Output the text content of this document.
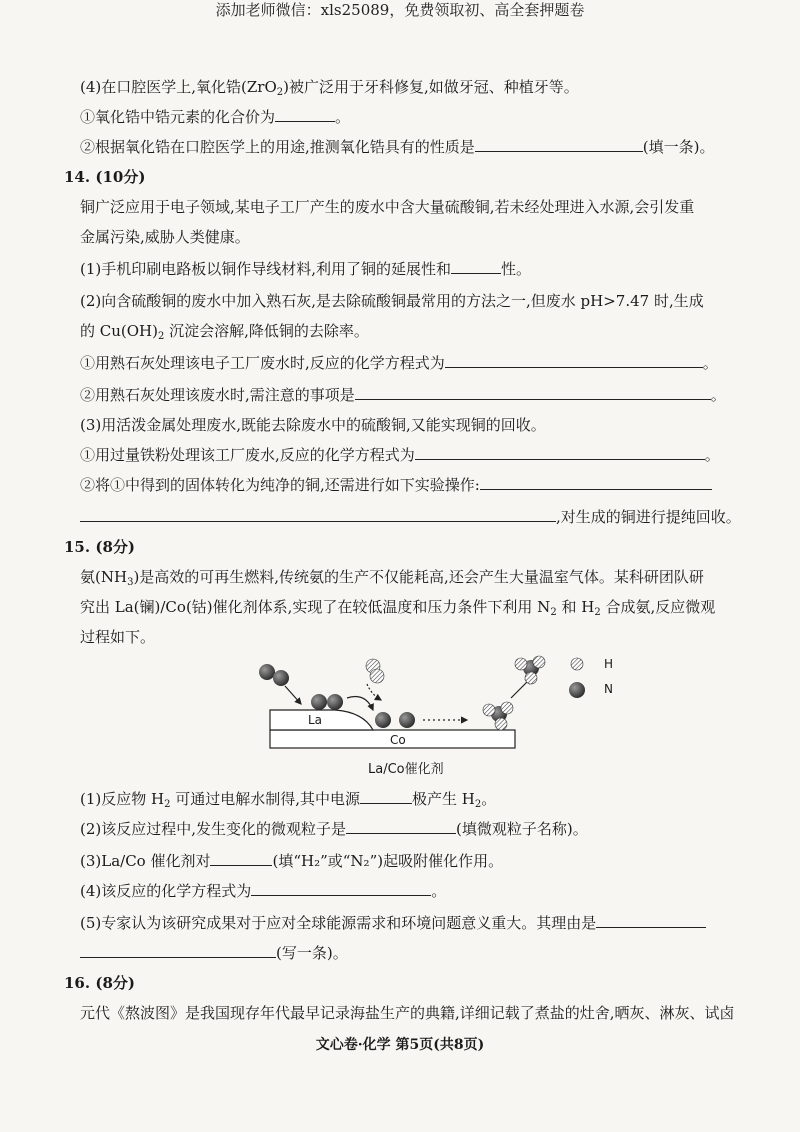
添加老师微信：xls25089，免费领取初、高全套押题卷
(4)在口腔医学上,氧化锆(ZrO$_2$)被广泛用于牙科修复,如做牙冠、种植牙等。
①氧化锆中锆元素的化合价为	。
②根据氧化锆在口腔医学上的用途,推测氧化锆具有的性质是	(填一条)。
14. (10分)
铜广泛应用于电子领域,某电子工厂产生的废水中含大量硫酸铜,若未经处理进入水源,会引发重
金属污染,威胁人类健康。
(1)手机印刷电路板以铜作导线材料,利用了铜的延展性和	性。
(2)向含硫酸铜的废水中加入熟石灰,是去除硫酸铜最常用的方法之一,但废水 pH>7.47 时,生成
的 $Cu(OH)_2$ 沉淀会溶解,降低铜的去除率。
①用熟石灰处理该电子工厂废水时,反应的化学方程式为	。
②用熟石灰处理该废水时,需注意的事项是	。
(3)用活泼金属处理废水,既能去除废水中的硫酸铜,又能实现铜的回收。
①用过量铁粉处理该工厂废水,反应的化学方程式为	。
②将①中得到的固体转化为纯净的铜,还需进行如下实验操作:
,对生成的铜进行提纯回收。
15. (8分)
氨$(NH_3)$是高效的可再生燃料,传统氨的生产不仅能耗高,还会产生大量温室气体。某科研团队研
究出 La(镧)/Co(钴)催化剂体系,实现了在较低温度和压力条件下利用 $N_2$ 和 $H_2$ 合成氨,反应微观
过程如下。
La
Co
H
N
La/Co催化剂
(1)反应物 $H_2$ 可通过电解水制得,其中电源	极产生 $H_2$。
(2)该反应过程中,发生变化的微观粒子是	(填微观粒子名称)。
(3)La/Co 催化剂对	(填“H₂”或“N₂”)起吸附催化作用。
(4)该反应的化学方程式为	。
(5)专家认为该研究成果对于应对全球能源需求和环境问题意义重大。其理由是
(写一条)。
16. (8分)
元代《熬波图》是我国现存年代最早记录海盐生产的典籍,详细记载了煮盐的灶舍,晒灰、淋灰、试卤
文心卷·化学 第5页(共8页)
